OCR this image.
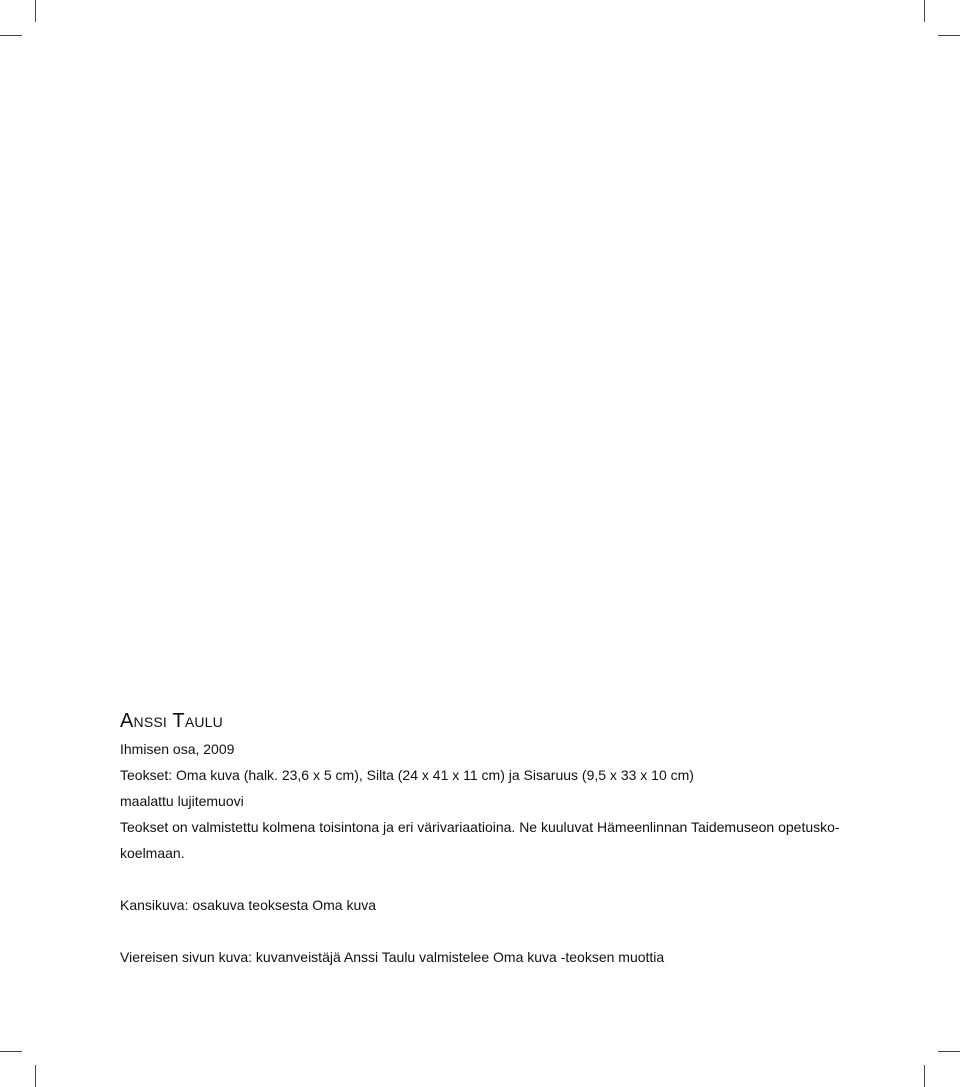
Anssi Taulu
Ihmisen osa, 2009
Teokset: Oma kuva (halk. 23,6 x 5 cm), Silta (24 x 41 x 11 cm) ja Sisaruus (9,5 x 33 x 10 cm)
maalattu lujitemuovi
Teokset on valmistettu kolmena toisintona ja eri värivariaatioina. Ne kuuluvat Hämeenlinnan Taidemuseon opetusko-
koelmaan.
Kansikuva: osakuva teoksesta Oma kuva
Viereisen sivun kuva: kuvanveistäjä Anssi Taulu valmistelee Oma kuva -teoksen muottia
